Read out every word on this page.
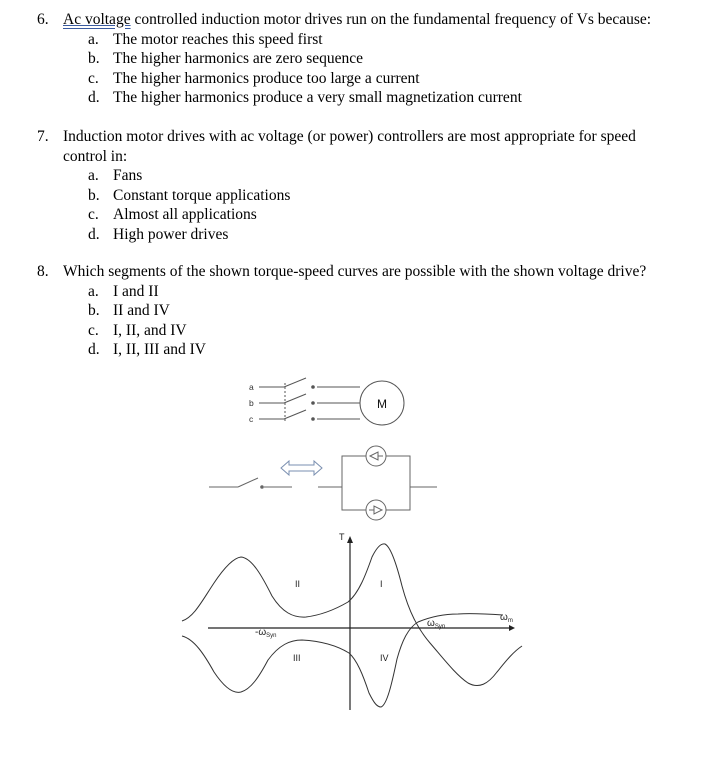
6. Ac voltage controlled induction motor drives run on the fundamental frequency of Vs because:
a. The motor reaches this speed first
b. The higher harmonics are zero sequence
c. The higher harmonics produce too large a current
d. The higher harmonics produce a very small magnetization current
7. Induction motor drives with ac voltage (or power) controllers are most appropriate for speed control in:
a. Fans
b. Constant torque applications
c. Almost all applications
d. High power drives
8. Which segments of the shown torque-speed curves are possible with the shown voltage drive?
a. I and II
b. II and IV
c. I, II, and IV
d. I, II, III and IV
a
b
c
M
T
$\omega_m$
$\omega_{Syn}$
$-\omega_{Syn}$
I
II
III	IV
